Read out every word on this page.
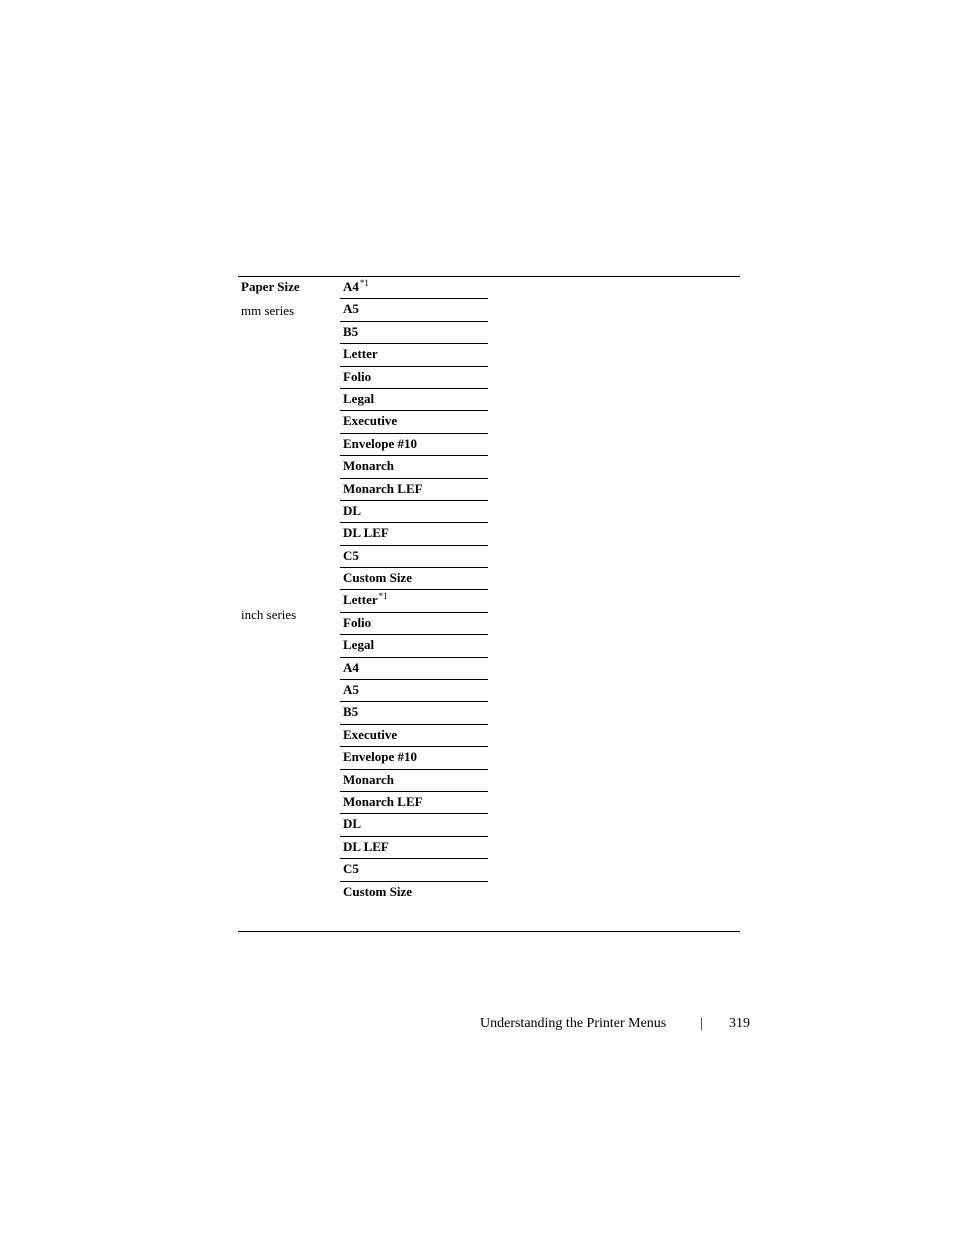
Paper Size
mm series
inch series
A4$^{*1}$
A5
B5
Letter
Folio
Legal
Executive
Envelope #10
Monarch
Monarch LEF
DL
DL LEF
C5
Custom Size
Letter$^{*1}$
Folio
Legal
A4
A5
B5
Executive
Envelope #10
Monarch
Monarch LEF
DL
DL LEF
C5
Custom Size
Understanding the Printer Menus | 319
